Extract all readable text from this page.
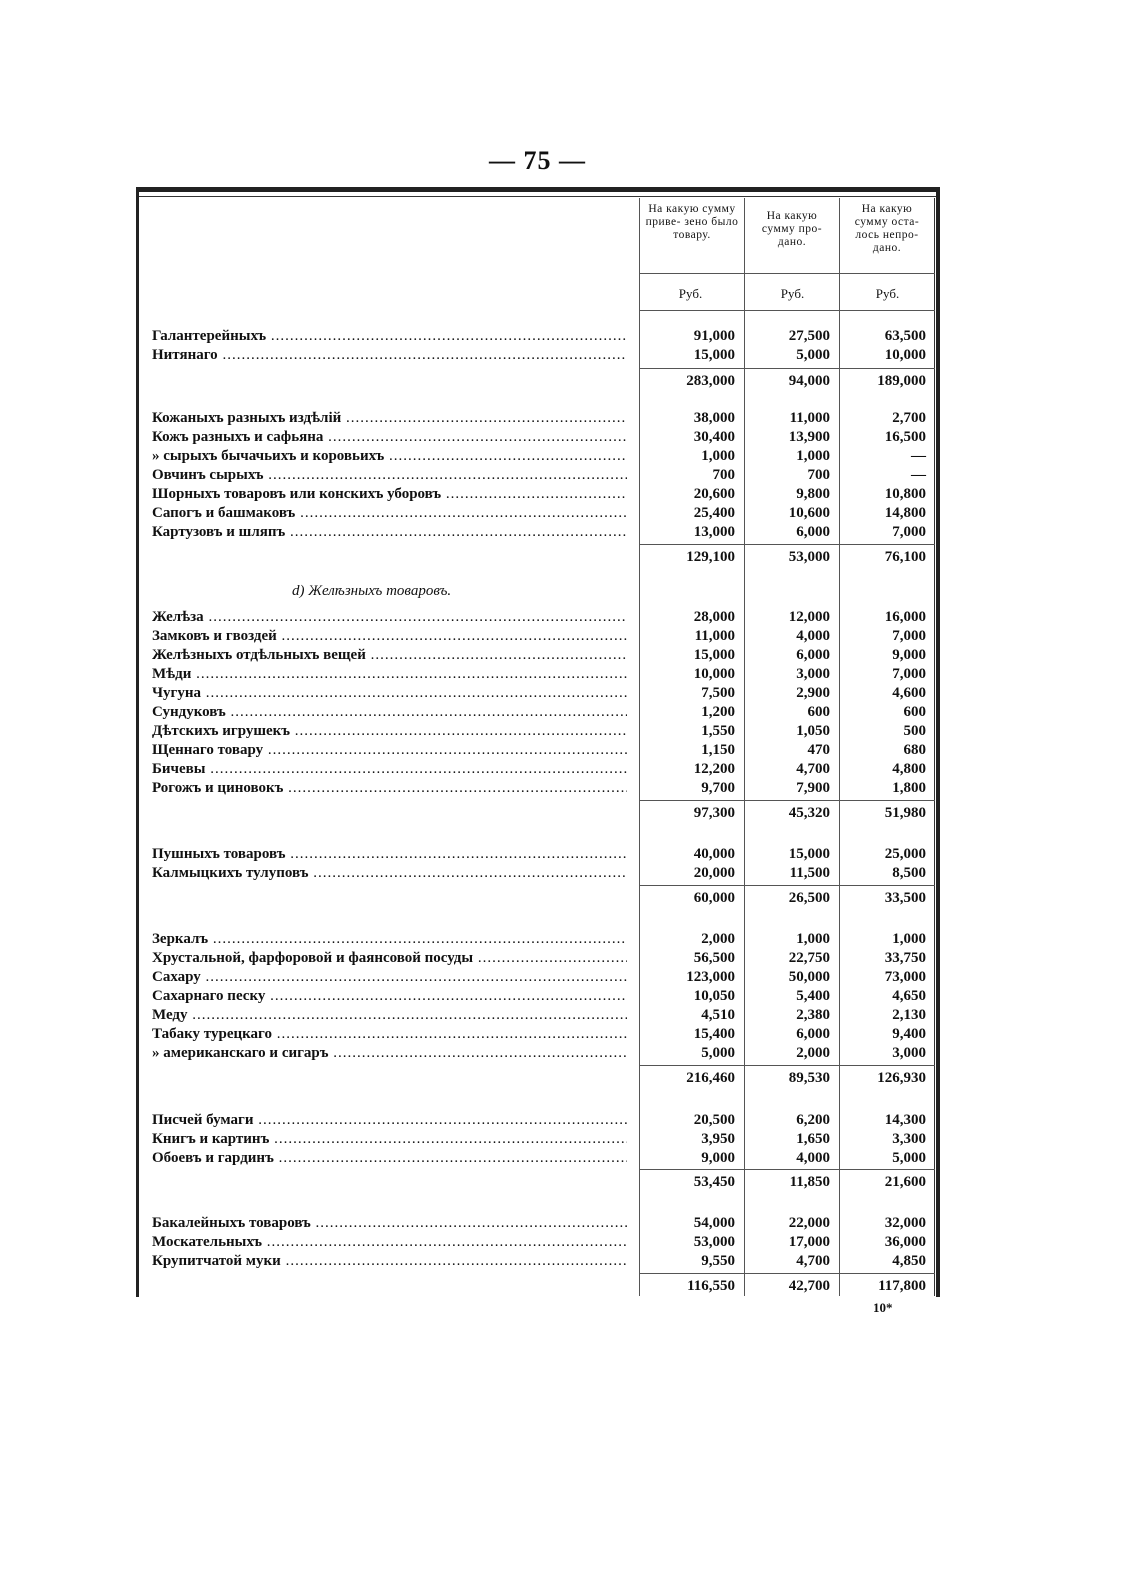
— 75 —
На какую сумму приве- зено было товару.
На какую сумму про- дано.
На какую сумму оста- лось непро- дано.
Руб.	Руб.	Руб.
d) Желѣзныхъ товаровъ.
Галантерейныхъ .....	91,000	27,500	63,500
Нитянаго .....	15,000	5,000	10,000
283,000	94,000	189,000
Кожаныхъ разныхъ издѣлій .....	38,000	11,000	2,700
Кожъ разныхъ и сафьяна .....	30,400	13,900	16,500
» сырыхъ бычачьихъ и коровьихъ .....	1,000	1,000	—
Овчинъ сырыхъ .....	700	700	—
Шорныхъ товаровъ или конскихъ уборовъ .....	20,600	9,800	10,800
Сапогъ и башмаковъ .....	25,400	10,600	14,800
Картузовъ и шляпъ .....	13,000	6,000	7,000
129,100	53,000	76,100
Желѣза .....	28,000	12,000	16,000
Замковъ и гвоздей .....	11,000	4,000	7,000
Желѣзныхъ отдѣльныхъ вещей .....	15,000	6,000	9,000
Мѣди .....	10,000	3,000	7,000
Чугуна .....	7,500	2,900	4,600
Сундуковъ .....	1,200	600	600
Дѣтскихъ игрушекъ .....	1,550	1,050	500
Щеннаго товару .....	1,150	470	680
Бичевы .....	12,200	4,700	4,800
Рогожъ и циновокъ .....	9,700	7,900	1,800
97,300	45,320	51,980
Пушныхъ товаровъ .....	40,000	15,000	25,000
Калмыцкихъ тулуповъ .....	20,000	11,500	8,500
60,000	26,500	33,500
Зеркалъ .....	2,000	1,000	1,000
Хрустальной, фарфоровой и фаянсовой посуды .....	56,500	22,750	33,750
Сахару .....	123,000	50,000	73,000
Сахарнаго песку .....	10,050	5,400	4,650
Меду .....	4,510	2,380	2,130
Табаку турецкаго .....	15,400	6,000	9,400
» американскаго и сигаръ .....	5,000	2,000	3,000
216,460	89,530	126,930
Писчей бумаги .....	20,500	6,200	14,300
Книгъ и картинъ .....	3,950	1,650	3,300
Обоевъ и гардинъ .....	9,000	4,000	5,000
53,450	11,850	21,600
Бакалейныхъ товаровъ .....	54,000	22,000	32,000
Москательныхъ .....	53,000	17,000	36,000
Крупитчатой муки .....	9,550	4,700	4,850
116,550	42,700	117,800
10*
